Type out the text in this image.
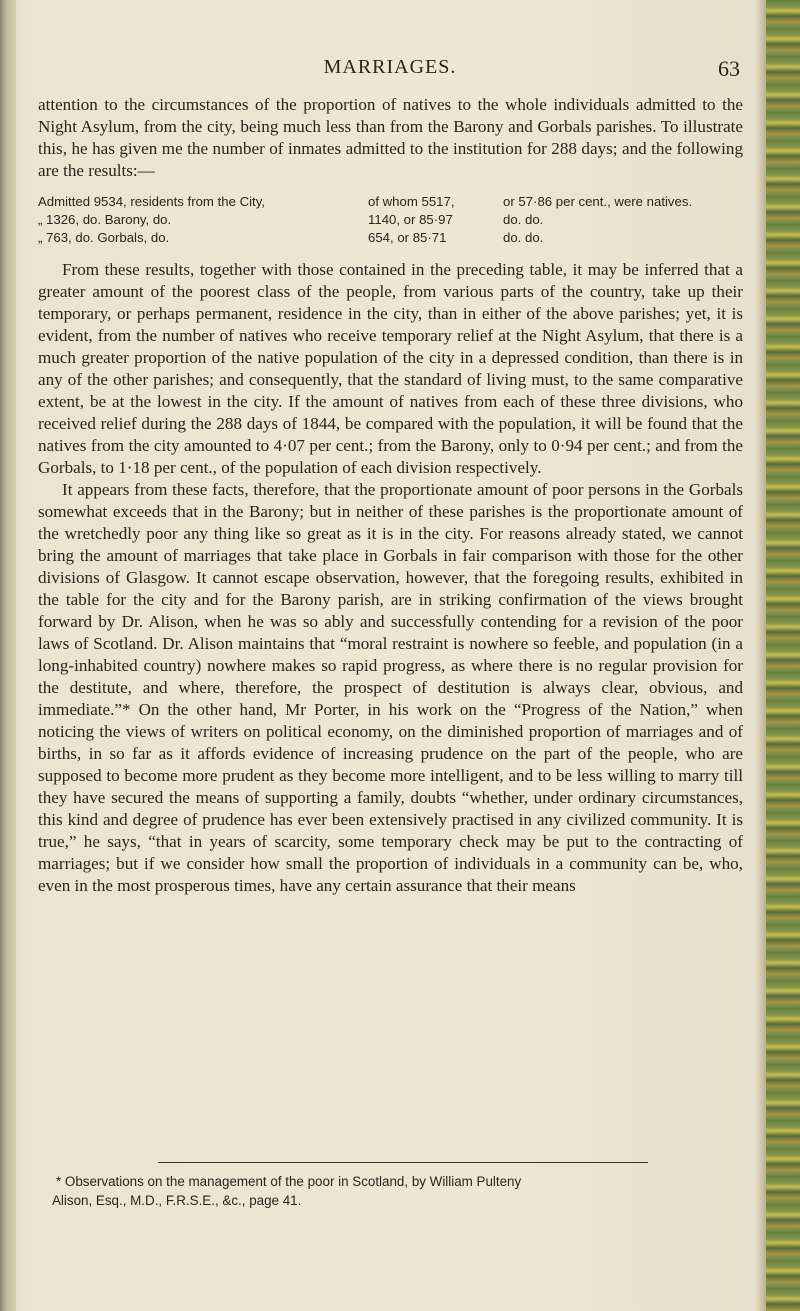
MARRIAGES.	63

attention to the circumstances of the proportion of natives to the whole individuals admitted to the Night Asylum, from the city, being much less than from the Barony and Gorbals parishes. To illustrate this, he has given me the number of inmates admitted to the institution for 288 days; and the following are the results:—

Admitted 9534, residents from the City,	of whom 5517,	or 57·86 per cent., were natives.
„ 1326, do. Barony, do.	1140, or 85·97	do. do.
„ 763, do. Gorbals, do.	654, or 85·71	do. do.

From these results, together with those contained in the preceding table, it may be inferred that a greater amount of the poorest class of the people, from various parts of the country, take up their temporary, or perhaps permanent, residence in the city, than in either of the above parishes; yet, it is evident, from the number of natives who receive temporary relief at the Night Asylum, that there is a much greater proportion of the native population of the city in a depressed condition, than there is in any of the other parishes; and consequently, that the standard of living must, to the same comparative extent, be at the lowest in the city. If the amount of natives from each of these three divisions, who received relief during the 288 days of 1844, be compared with the population, it will be found that the natives from the city amounted to 4·07 per cent.; from the Barony, only to 0·94 per cent.; and from the Gorbals, to 1·18 per cent., of the population of each division respectively.

It appears from these facts, therefore, that the proportionate amount of poor persons in the Gorbals somewhat exceeds that in the Barony; but in neither of these parishes is the proportionate amount of the wretchedly poor any thing like so great as it is in the city. For reasons already stated, we cannot bring the amount of marriages that take place in Gorbals in fair comparison with those for the other divisions of Glasgow. It cannot escape observation, however, that the foregoing results, exhibited in the table for the city and for the Barony parish, are in striking confirmation of the views brought forward by Dr. Alison, when he was so ably and successfully contending for a revision of the poor laws of Scotland. Dr. Alison maintains that “moral restraint is nowhere so feeble, and population (in a long-inhabited country) nowhere makes so rapid progress, as where there is no regular provision for the destitute, and where, therefore, the prospect of destitution is always clear, obvious, and immediate.”* On the other hand, Mr Porter, in his work on the “Progress of the Nation,” when noticing the views of writers on political economy, on the diminished proportion of marriages and of births, in so far as it affords evidence of increasing prudence on the part of the people, who are supposed to become more prudent as they become more intelligent, and to be less willing to marry till they have secured the means of supporting a family, doubts “whether, under ordinary circumstances, this kind and degree of prudence has ever been extensively practised in any civilized community. It is true,” he says, “that in years of scarcity, some temporary check may be put to the contracting of marriages; but if we consider how small the proportion of individuals in a community can be, who, even in the most prosperous times, have any certain assurance that their means

* Observations on the management of the poor in Scotland, by William Pulteny
Alison, Esq., M.D., F.R.S.E., &c., page 41.
